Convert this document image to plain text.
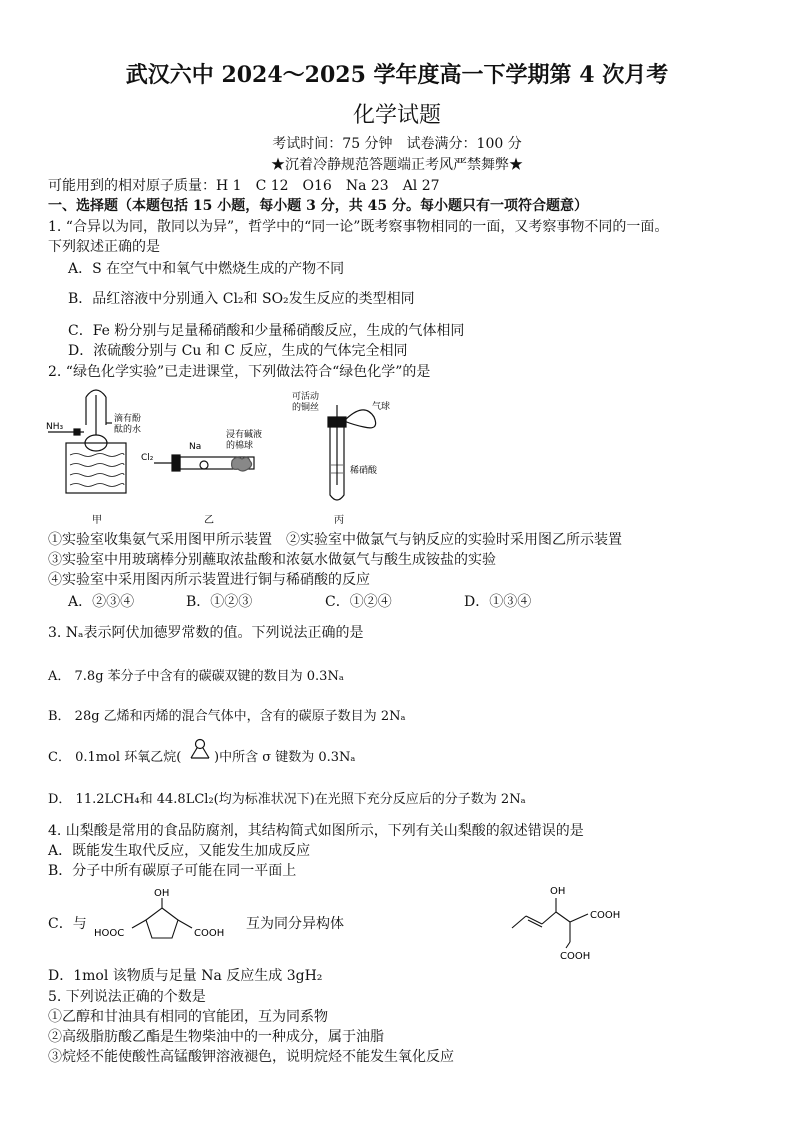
武汉六中 2024～2025 学年度高一下学期第 4 次月考
化学试题
考试时间：75 分钟　试卷满分：100 分
★沉着冷静规范答题端正考风严禁舞弊★
可能用到的相对原子质量：H 1　C 12　O16　Na 23　Al 27
一、选择题（本题包括 15 小题，每小题 3 分，共 45 分。每小题只有一项符合题意）
1. “合异以为同，散同以为异”，哲学中的“同一论”既考察事物相同的一面，又考察事物不同的一面。
下列叙述正确的是
A．S 在空气中和氧气中燃烧生成的产物不同
B．品红溶液中分别通入 Cl₂和 SO₂发生反应的类型相同
C．Fe 粉分别与足量稀硝酸和少量稀硝酸反应，生成的气体相同
D．浓硫酸分别与 Cu 和 C 反应，生成的气体完全相同
2. “绿色化学实验”已走进课堂，下列做法符合“绿色化学”的是
NH₃
滴有酚
酞的水
甲
Cl₂
Na
浸有碱液
的棉球
乙
可活动
的铜丝	气球
稀硝酸
丙
①实验室收集氨气采用图甲所示装置　②实验室中做氯气与钠反应的实验时采用图乙所示装置
③实验室中用玻璃棒分别蘸取浓盐酸和浓氨水做氨气与酸生成铵盐的实验
④实验室中采用图丙所示装置进行铜与稀硝酸的反应
A．②③④	B．①②③	C．①②④	D．①③④
3. Nₐ表示阿伏加德罗常数的值。下列说法正确的是
A． 7.8g 苯分子中含有的碳碳双键的数目为 0.3Nₐ
B． 28g 乙烯和丙烯的混合气体中，含有的碳原子数目为 2Nₐ
C． 0.1mol 环氧乙烷(	)中所含 σ 键数为 0.3Nₐ
D． 11.2LCH₄和 44.8LCl₂(均为标准状况下)在光照下充分反应后的分子数为 2Nₐ
4. 山梨酸是常用的食品防腐剂，其结构简式如图所示，下列有关山梨酸的叙述错误的是
A．既能发生取代反应，又能发生加成反应
B．分子中所有碳原子可能在同一平面上
C．与
OH
HOOC	COOH
互为同分异构体
OH
COOH
COOH
D．1mol 该物质与足量 Na 反应生成 3gH₂
5. 下列说法正确的个数是
①乙醇和甘油具有相同的官能团，互为同系物
②高级脂肪酸乙酯是生物柴油中的一种成分，属于油脂
③烷烃不能使酸性高锰酸钾溶液褪色，说明烷烃不能发生氧化反应
